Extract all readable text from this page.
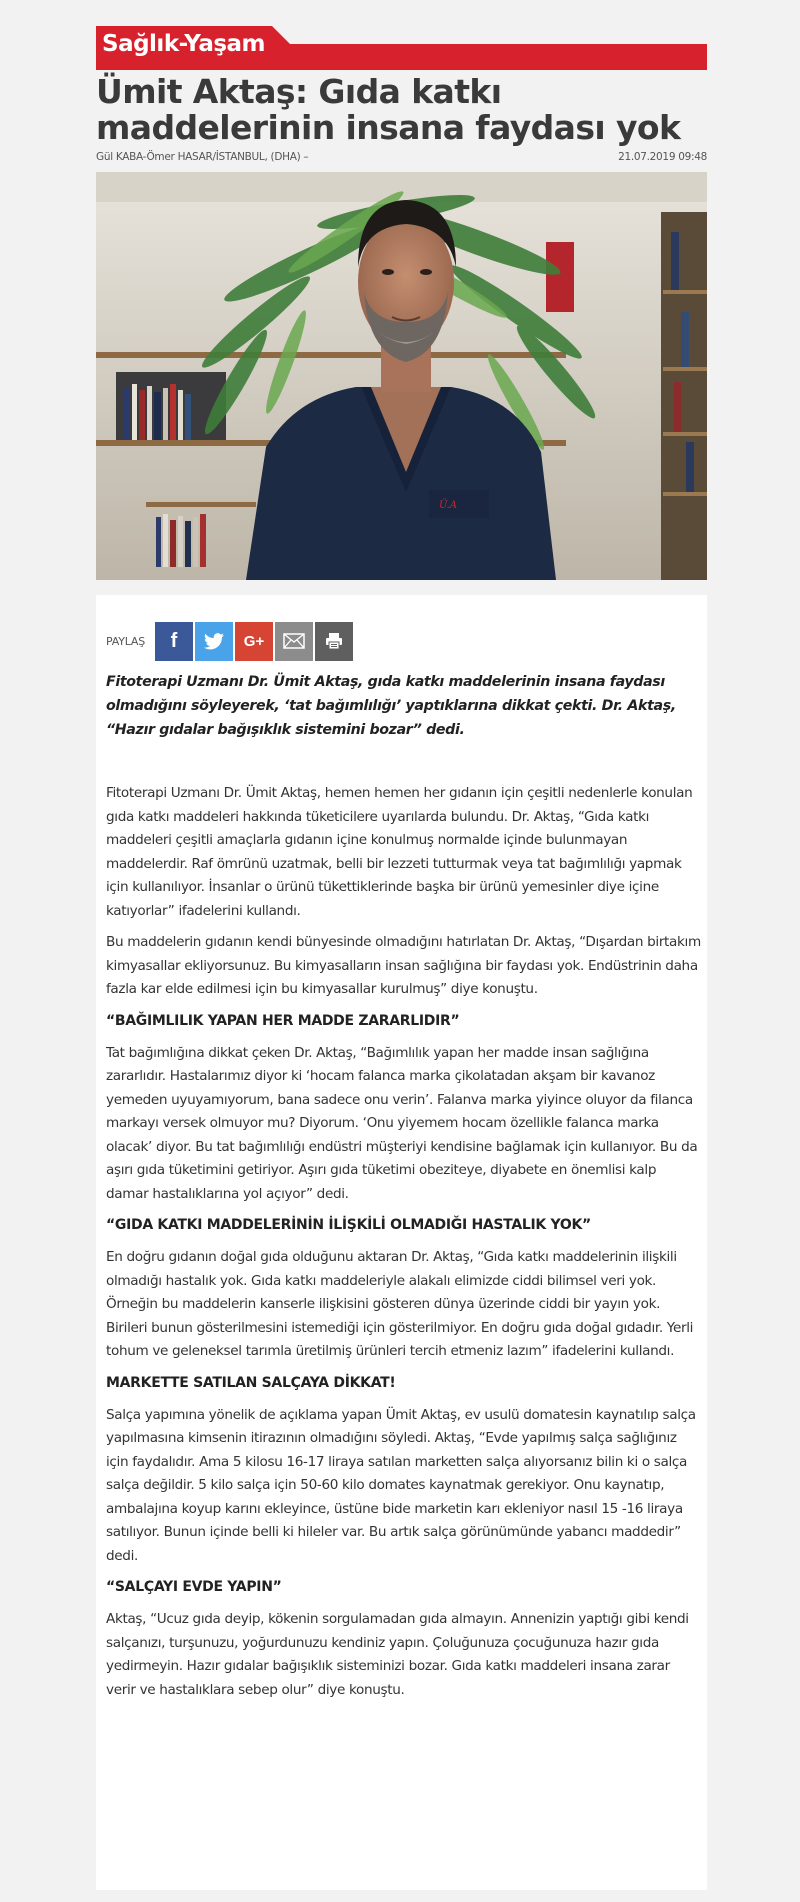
Sağlık-Yaşam
Ümit Aktaş: Gıda katkı maddelerinin insana faydası yok
Gül KABA-Ömer HASAR/İSTANBUL, (DHA) –	21.07.2019 09:48
Ü.A
PAYLAŞ f	G+

Fitoterapi Uzmanı Dr. Ümit Aktaş, gıda katkı maddelerinin insana faydası olmadığını söyleyerek, ‘tat bağımlılığı’ yaptıklarına dikkat çekti. Dr. Aktaş, “Hazır gıdalar bağışıklık sistemini bozar” dedi.

Fitoterapi Uzmanı Dr. Ümit Aktaş, hemen hemen her gıdanın için çeşitli nedenlerle konulan gıda katkı maddeleri hakkında tüketicilere uyarılarda bulundu. Dr. Aktaş, “Gıda katkı maddeleri çeşitli amaçlarla gıdanın içine konulmuş normalde içinde bulunmayan maddelerdir. Raf ömrünü uzatmak, belli bir lezzeti tutturmak veya tat bağımlılığı yapmak için kullanılıyor. İnsanlar o ürünü tükettiklerinde başka bir ürünü yemesinler diye içine katıyorlar” ifadelerini kullandı.

Bu maddelerin gıdanın kendi bünyesinde olmadığını hatırlatan Dr. Aktaş, “Dışardan birtakım kimyasallar ekliyorsunuz. Bu kimyasalların insan sağlığına bir faydası yok. Endüstrinin daha fazla kar elde edilmesi için bu kimyasallar kurulmuş” diye konuştu.

“BAĞIMLILIK YAPAN HER MADDE ZARARLIDIR”

Tat bağımlığına dikkat çeken Dr. Aktaş, “Bağımlılık yapan her madde insan sağlığına zararlıdır. Hastalarımız diyor ki ‘hocam falanca marka çikolatadan akşam bir kavanoz yemeden uyuyamıyorum, bana sadece onu verin’. Falanva marka yiyince oluyor da filanca markayı versek olmuyor mu? Diyorum. ‘Onu yiyemem hocam özellikle falanca marka olacak’ diyor. Bu tat bağımlılığı endüstri müşteriyi kendisine bağlamak için kullanıyor. Bu da aşırı gıda tüketimini getiriyor. Aşırı gıda tüketimi obeziteye, diyabete en önemlisi kalp damar hastalıklarına yol açıyor” dedi.

“GIDA KATKI MADDELERİNİN İLİŞKİLİ OLMADIĞI HASTALIK YOK”

En doğru gıdanın doğal gıda olduğunu aktaran Dr. Aktaş, “Gıda katkı maddelerinin ilişkili olmadığı hastalık yok. Gıda katkı maddeleriyle alakalı elimizde ciddi bilimsel veri yok. Örneğin bu maddelerin kanserle ilişkisini gösteren dünya üzerinde ciddi bir yayın yok. Birileri bunun gösterilmesini istemediği için gösterilmiyor. En doğru gıda doğal gıdadır. Yerli tohum ve geleneksel tarımla üretilmiş ürünleri tercih etmeniz lazım” ifadelerini kullandı.

MARKETTE SATILAN SALÇAYA DİKKAT!

Salça yapımına yönelik de açıklama yapan Ümit Aktaş, ev usulü domatesin kaynatılıp salça yapılmasına kimsenin itirazının olmadığını söyledi. Aktaş, “Evde yapılmış salça sağlığınız için faydalıdır. Ama 5 kilosu 16-17 liraya satılan marketten salça alıyorsanız bilin ki o salça salça değildir. 5 kilo salça için 50-60 kilo domates kaynatmak gerekiyor. Onu kaynatıp, ambalajına koyup karını ekleyince, üstüne bide marketin karı ekleniyor nasıl 15 -16 liraya satılıyor. Bunun içinde belli ki hileler var. Bu artık salça görünümünde yabancı maddedir” dedi.

“SALÇAYI EVDE YAPIN”

Aktaş, “Ucuz gıda deyip, kökenin sorgulamadan gıda almayın. Annenizin yaptığı gibi kendi salçanızı, turşunuzu, yoğurdunuzu kendiniz yapın. Çoluğunuza çocuğunuza hazır gıda yedirmeyin. Hazır gıdalar bağışıklık sisteminizi bozar. Gıda katkı maddeleri insana zarar verir ve hastalıklara sebep olur” diye konuştu.
